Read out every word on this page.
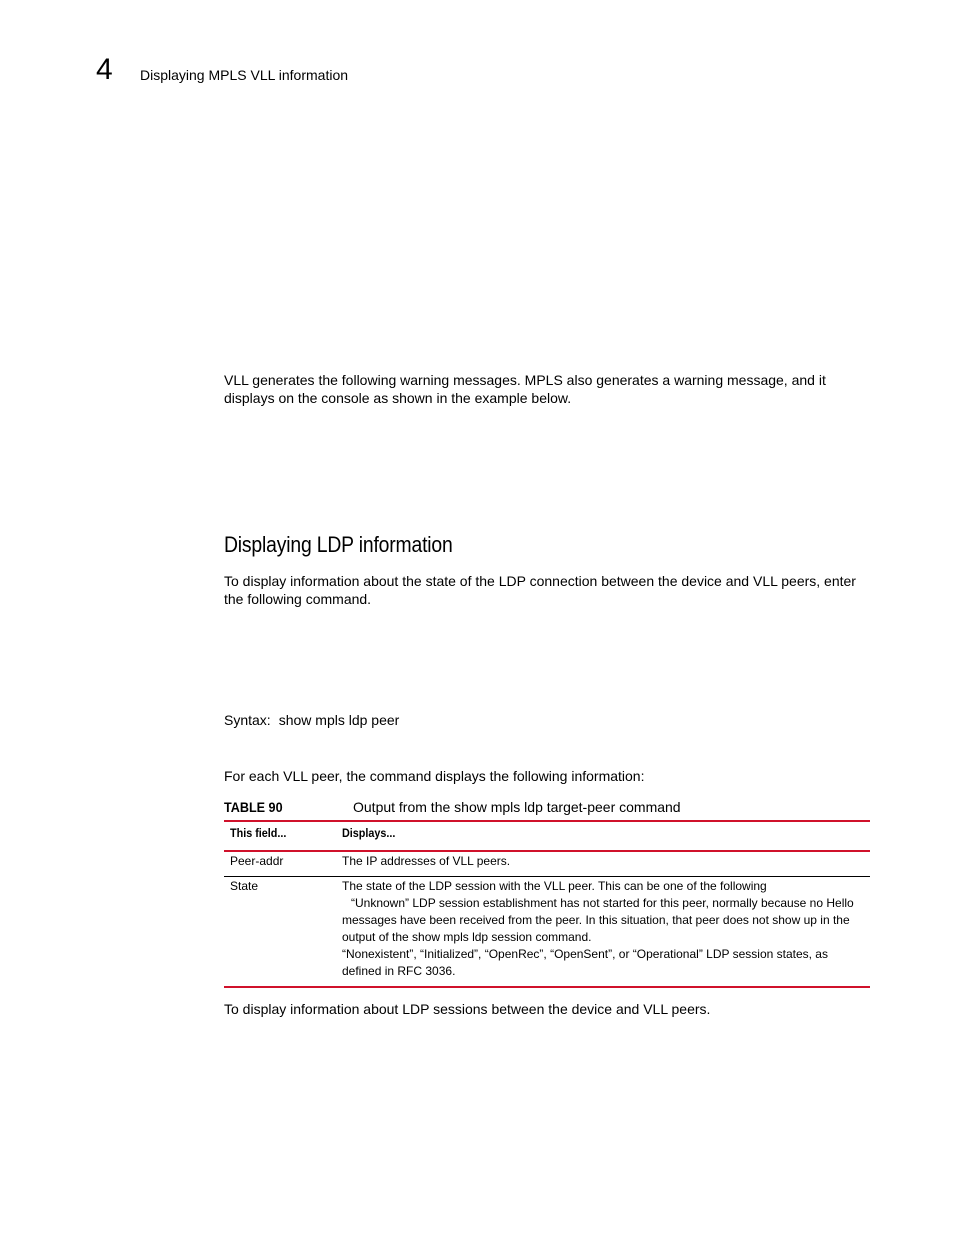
4 Displaying MPLS VLL information
VLL generates the following warning messages. MPLS also generates a warning message, and it displays on the console as shown in the example below.
Displaying LDP information
To display information about the state of the LDP connection between the device and VLL peers, enter the following command.
Syntax: show mpls ldp peer
For each VLL peer, the command displays the following information:
TABLE 90	Output from the show mpls ldp target-peer command
This field...	Displays...
Peer-addr	The IP addresses of VLL peers.
State	The state of the LDP session with the VLL peer. This can be one of the following
“Unknown” LDP session establishment has not started for this peer, normally because no Hello messages have been received from the peer. In this situation, that peer does not show up in the output of the show mpls ldp session command.
“Nonexistent”, “Initialized”, “OpenRec”, “OpenSent”, or “Operational” LDP session states, as defined in RFC 3036.
To display information about LDP sessions between the device and VLL peers.
